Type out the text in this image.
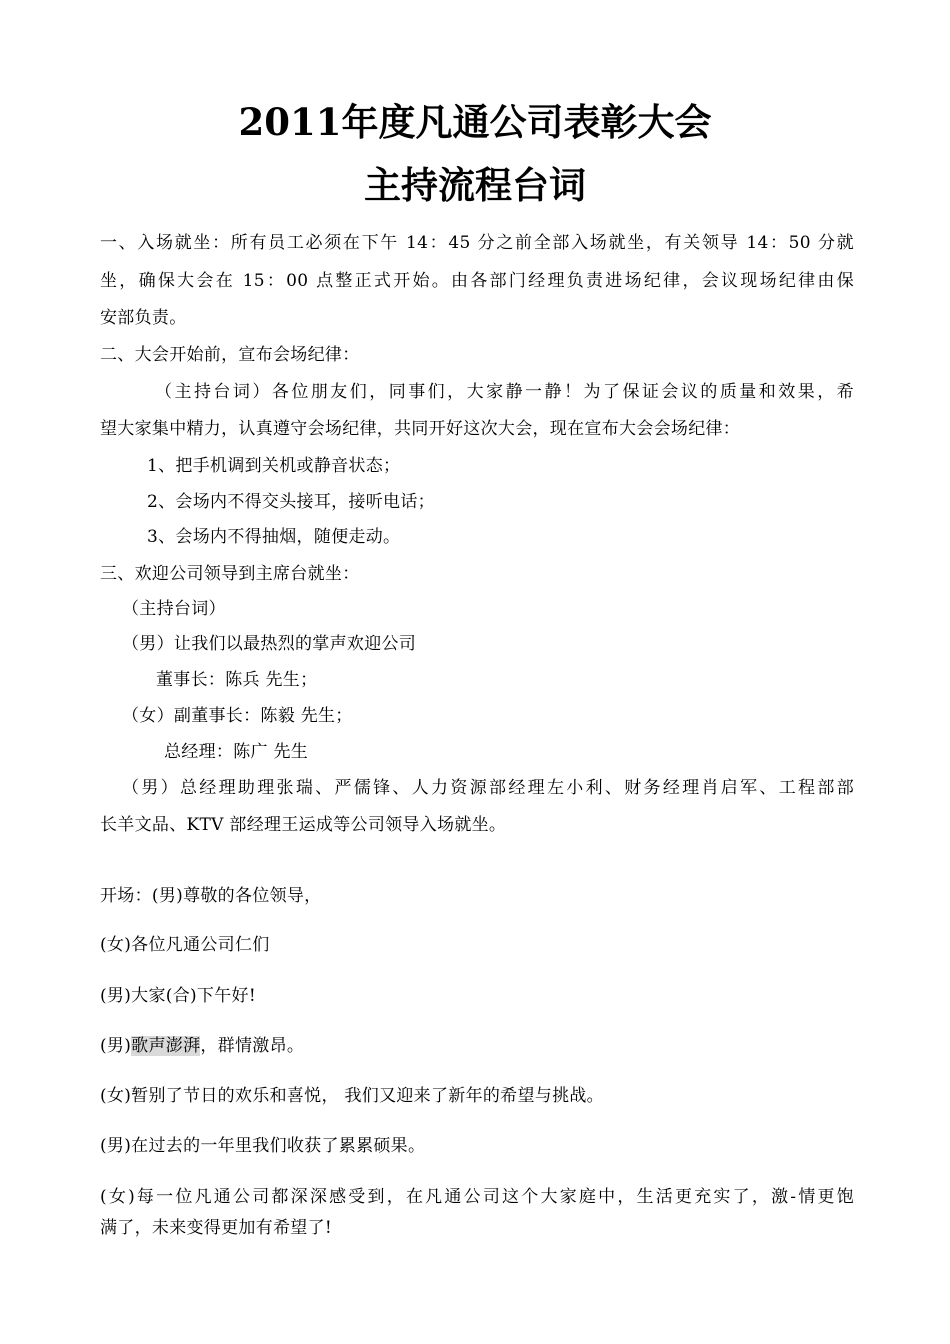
2011年度凡通公司表彰大会
主持流程台词
一、入场就坐：所有员工必须在下午 14：45 分之前全部入场就坐，有关领导 14：50 分就
坐，确保大会在 15：00 点整正式开始。由各部门经理负责进场纪律，会议现场纪律由保
安部负责。
二、大会开始前，宣布会场纪律：
（主持台词）各位朋友们，同事们，大家静一静！为了保证会议的质量和效果，希
望大家集中精力，认真遵守会场纪律，共同开好这次大会，现在宣布大会会场纪律：
1、把手机调到关机或静音状态；
2、会场内不得交头接耳，接听电话；
3、会场内不得抽烟，随便走动。
三、欢迎公司领导到主席台就坐：
（主持台词）
（男）让我们以最热烈的掌声欢迎公司
董事长：陈兵 先生；
（女）副董事长：陈毅 先生；
总经理：陈广 先生
（男）总经理助理张瑞、严儒锋、人力资源部经理左小利、财务经理肖启军、工程部部
长羊文品、KTV 部经理王运成等公司领导入场就坐。
开场：(男)尊敬的各位领导，
(女)各位凡通公司仁们
(男)大家(合)下午好!
(男)歌声澎湃，群情激昂。
(女)暂别了节日的欢乐和喜悦， 我们又迎来了新年的希望与挑战。
(男)在过去的一年里我们收获了累累硕果。
(女)每一位凡通公司都深深感受到，在凡通公司这个大家庭中，生活更充实了，激-情更饱
满了，未来变得更加有希望了!
